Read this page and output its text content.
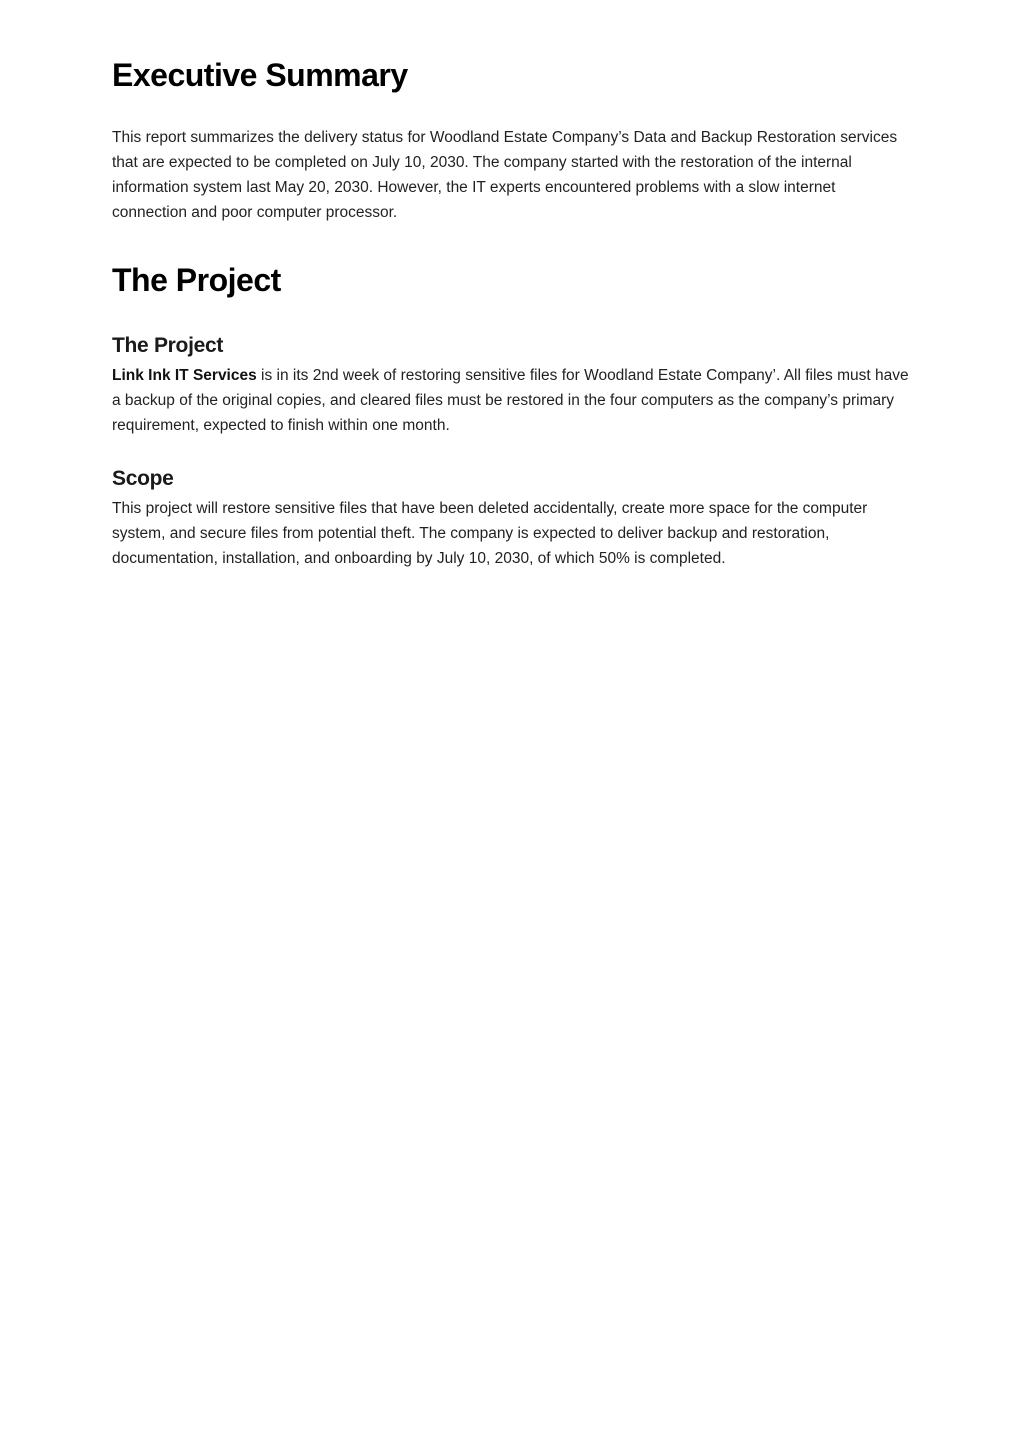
Executive Summary

This report summarizes the delivery status for Woodland Estate Company’s Data and Backup Restoration services that are expected to be completed on July 10, 2030. The company started with the restoration of the internal information system last May 20, 2030. However, the IT experts encountered problems with a slow internet connection and poor computer processor.

The Project
The Project

Link Ink IT Services is in its 2nd week of restoring sensitive files for Woodland Estate Company’. All files must have a backup of the original copies, and cleared files must be restored in the four computers as the company’s primary requirement, expected to finish within one month.

Scope

This project will restore sensitive files that have been deleted accidentally, create more space for the computer system, and secure files from potential theft. The company is expected to deliver backup and restoration, documentation, installation, and onboarding by July 10, 2030, of which 50% is completed.
